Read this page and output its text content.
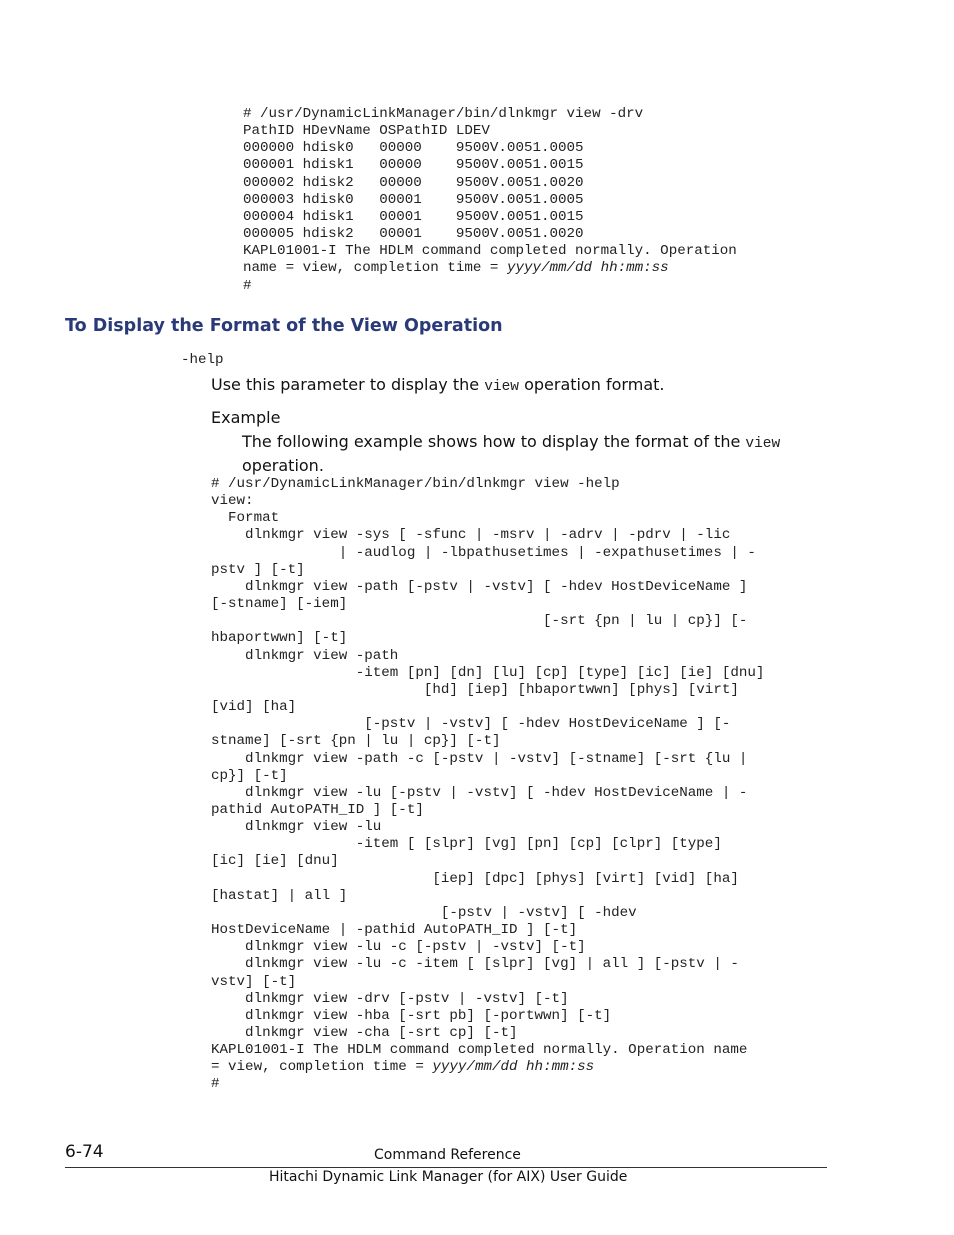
# /usr/DynamicLinkManager/bin/dlnkmgr view -drv
PathID HDevName OSPathID LDEV
000000 hdisk0   00000    9500V.0051.0005
000001 hdisk1   00000    9500V.0051.0015
000002 hdisk2   00000    9500V.0051.0020
000003 hdisk0   00001    9500V.0051.0005
000004 hdisk1   00001    9500V.0051.0015
000005 hdisk2   00001    9500V.0051.0020
KAPL01001-I The HDLM command completed normally. Operation
name = view, completion time = yyyy/mm/dd hh:mm:ss
#
To Display the Format of the View Operation
-help

Use this parameter to display the view operation format.

Example

The following example shows how to display the format of the view
operation.

# /usr/DynamicLinkManager/bin/dlnkmgr view -help
view:
Format
dlnkmgr view -sys [ -sfunc | -msrv | -adrv | -pdrv | -lic
| -audlog | -lbpathusetimes | -expathusetimes | -
pstv ] [-t]
dlnkmgr view -path [-pstv | -vstv] [ -hdev HostDeviceName ]
[-stname] [-iem]
[-srt {pn | lu | cp}] [-
hbaportwwn] [-t]
dlnkmgr view -path
-item [pn] [dn] [lu] [cp] [type] [ic] [ie] [dnu]
[hd] [iep] [hbaportwwn] [phys] [virt]
[vid] [ha]
[-pstv | -vstv] [ -hdev HostDeviceName ] [-
stname] [-srt {pn | lu | cp}] [-t]
dlnkmgr view -path -c [-pstv | -vstv] [-stname] [-srt {lu |
cp}] [-t]
dlnkmgr view -lu [-pstv | -vstv] [ -hdev HostDeviceName | -
pathid AutoPATH_ID ] [-t]
dlnkmgr view -lu
-item [ [slpr] [vg] [pn] [cp] [clpr] [type]
[ic] [ie] [dnu]
[iep] [dpc] [phys] [virt] [vid] [ha]
[hastat] | all ]
[-pstv | -vstv] [ -hdev
HostDeviceName | -pathid AutoPATH_ID ] [-t]
dlnkmgr view -lu -c [-pstv | -vstv] [-t]
dlnkmgr view -lu -c -item [ [slpr] [vg] | all ] [-pstv | -
vstv] [-t]
dlnkmgr view -drv [-pstv | -vstv] [-t]
dlnkmgr view -hba [-srt pb] [-portwwn] [-t]
dlnkmgr view -cha [-srt cp] [-t]
KAPL01001-I The HDLM command completed normally. Operation name
= view, completion time = yyyy/mm/dd hh:mm:ss
#
6-74	Command Reference
Hitachi Dynamic Link Manager (for AIX) User Guide
